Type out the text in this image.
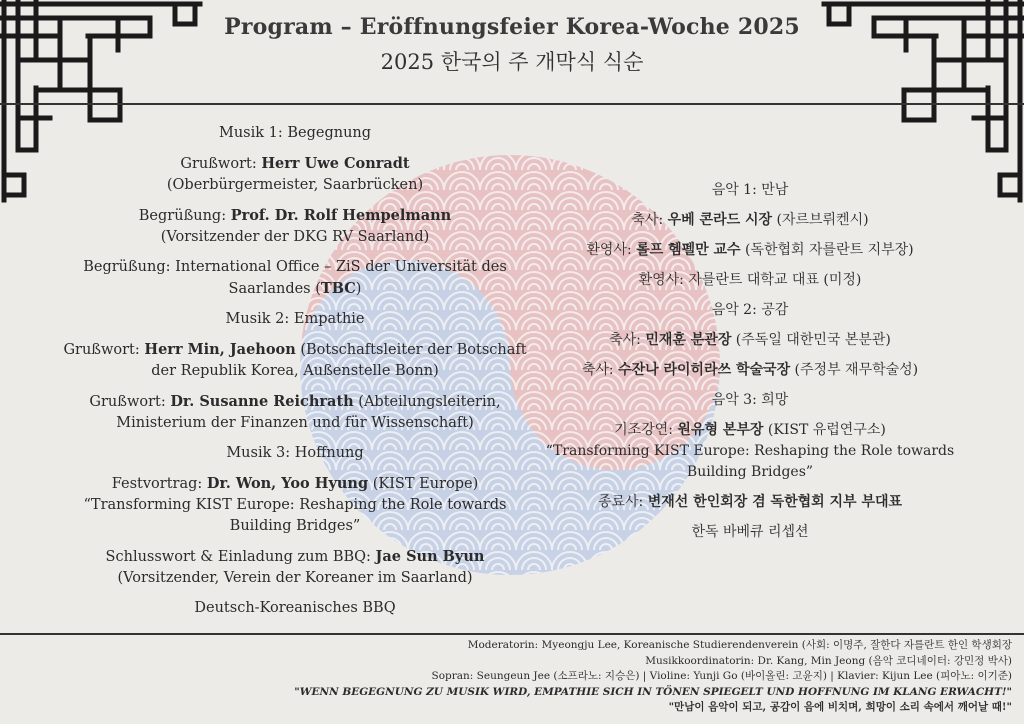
Program – Eröffnungsfeier Korea-Woche 2025
2025 한국의 주 개막식 식순
Musik 1: Begegnung
Grußwort: Herr Uwe Conradt
(Oberbürgermeister, Saarbrücken)
Begrüßung: Prof. Dr. Rolf Hempelmann
(Vorsitzender der DKG RV Saarland)
Begrüßung: International Office – ZiS der Universität des
Saarlandes (TBC)
Musik 2: Empathie
Grußwort: Herr Min, Jaehoon (Botschaftsleiter der Botschaft
der Republik Korea, Außenstelle Bonn)
Grußwort: Dr. Susanne Reichrath (Abteilungsleiterin,
Ministerium der Finanzen und für Wissenschaft)
Musik 3: Hoffnung
Festvortrag: Dr. Won, Yoo Hyung (KIST Europe)
“Transforming KIST Europe: Reshaping the Role towards
Building Bridges”
Schlusswort & Einladung zum BBQ: Jae Sun Byun
(Vorsitzender, Verein der Koreaner im Saarland)
Deutsch-Koreanisches BBQ
음악 1: 만남
축사: 우베 콘라드 시장 (자르브뤼켄시)
환영사: 롤프 헴펠만 교수 (독한협회 자를란트 지부장)
환영사: 자를란트 대학교 대표 (미정)
음악 2: 공감
축사: 민재훈 분관장 (주독일 대한민국 본분관)
축사: 수잔나 라이히라쓰 학술국장 (주정부 재무학술성)
음악 3: 희망
기조강연: 원유형 본부장 (KIST 유럽연구소)
“Transforming KIST Europe: Reshaping the Role towards
Building Bridges”
종료사: 변재선 한인회장 겸 독한협회 지부 부대표
한독 바베큐 리셉션
Moderatorin: Myeongju Lee, Koreanische Studierendenverein (사회: 이명주, 잘한다 자를란트 한인 학생회장
Musikkoordinatorin: Dr. Kang, Min Jeong (음악 코디네이터: 강민정 박사)
Sopran: Seungeun Jee (소프라노: 지승은) | Violine: Yunji Go (바이올린: 고윤지) | Klavier: Kijun Lee (피아노: 이기준)
"WENN BEGEGNUNG ZU MUSIK WIRD, EMPATHIE SICH IN TÖNEN SPIEGELT UND HOFFNUNG IM KLANG ERWACHT!"
"만남이 음악이 되고, 공감이 음에 비치며, 희망이 소리 속에서 깨어날 때!"
